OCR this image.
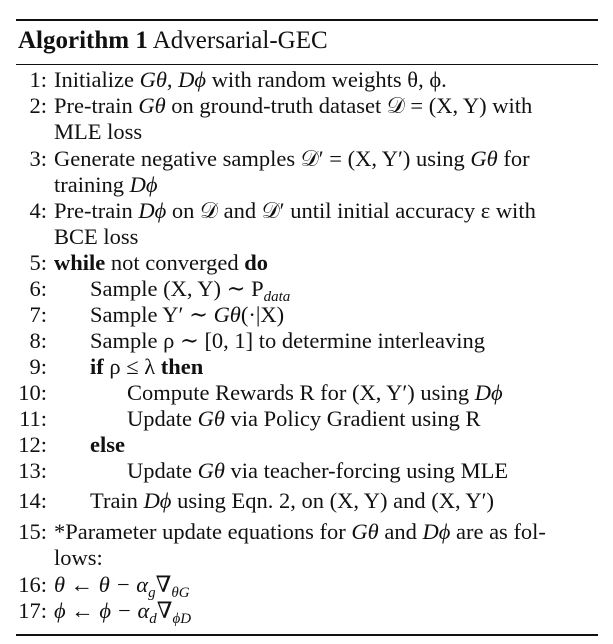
Algorithm 1 Adversarial-GEC
1: Initialize Gθ, Dϕ with random weights θ, ϕ.
2: Pre-train Gθ on ground-truth dataset 𝒟 = (X, Y) with
MLE loss
3: Generate negative samples 𝒟′ = (X, Y′) using Gθ for
training Dϕ
4: Pre-train Dϕ on 𝒟 and 𝒟′ until initial accuracy ε with
BCE loss
5: while not converged do
6: Sample (X, Y) ∼ $P_{data}$
7: Sample Y′ ∼ Gθ(·|X)
8: Sample ρ ∼ [0, 1] to determine interleaving
9: if ρ ≤ λ then
10:	Compute Rewards R for (X, Y′) using Dϕ
11:	Update Gθ via Policy Gradient using R
12: else
13:	Update Gθ via teacher-forcing using MLE
14: Train Dϕ using Eqn. 2, on (X, Y) and (X, Y′)
15: *Parameter update equations for Gθ and Dϕ are as fol-
lows:
16: θ ← $\theta - \alpha_g\nabla_{\theta G}$
17: ϕ ← $\phi - \alpha_d\nabla_{\phi D}$
